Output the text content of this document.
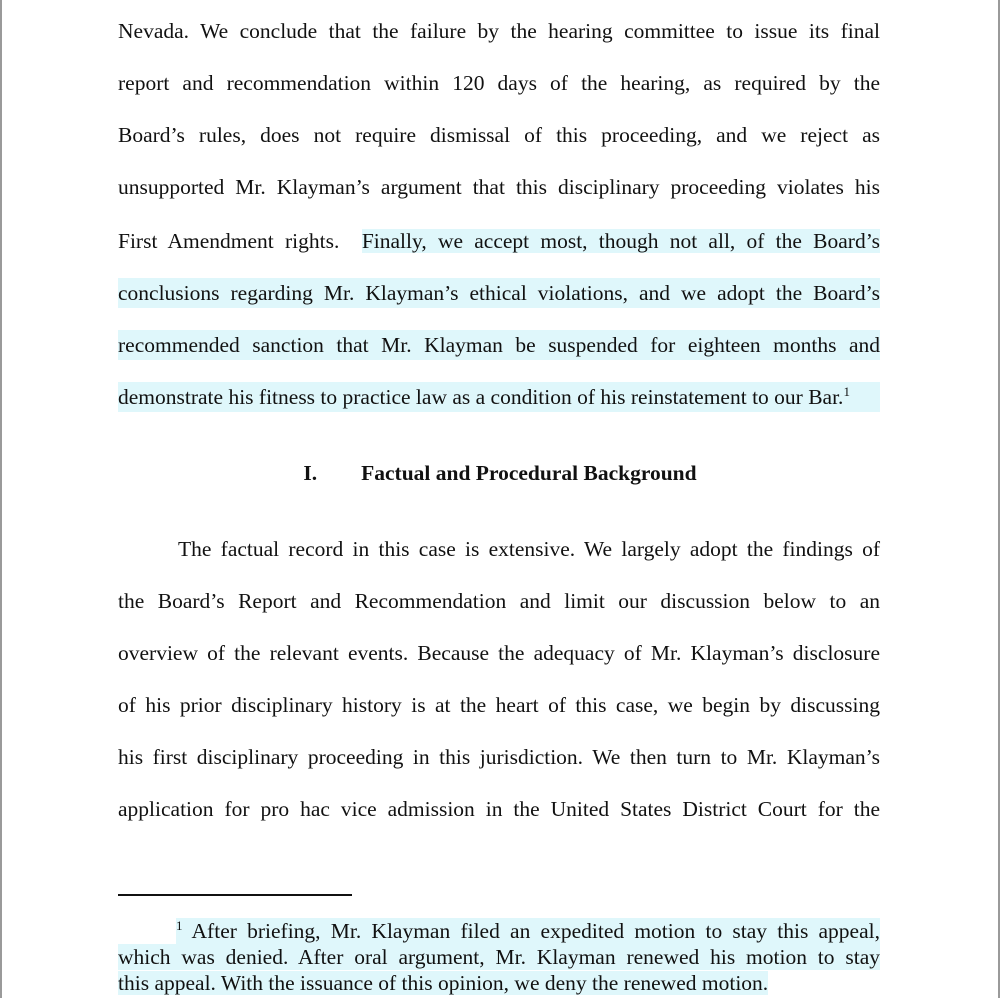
Nevada. We conclude that the failure by the hearing committee to issue its final
report and recommendation within 120 days of the hearing, as required by the
Board’s rules, does not require dismissal of this proceeding, and we reject as
unsupported Mr. Klayman’s argument that this disciplinary proceeding violates his
First Amendment rights. Finally, we accept most, though not all, of the Board’s
conclusions regarding Mr. Klayman’s ethical violations, and we adopt the Board’s
recommended sanction that Mr. Klayman be suspended for eighteen months and
demonstrate his fitness to practice law as a condition of his reinstatement to our Bar.$^1$
I. Factual and Procedural Background
The factual record in this case is extensive. We largely adopt the findings of
the Board’s Report and Recommendation and limit our discussion below to an
overview of the relevant events. Because the adequacy of Mr. Klayman’s disclosure
of his prior disciplinary history is at the heart of this case, we begin by discussing
his first disciplinary proceeding in this jurisdiction. We then turn to Mr. Klayman’s
application for pro hac vice admission in the United States District Court for the
$^1$ After briefing, Mr. Klayman filed an expedited motion to stay this appeal,
which was denied. After oral argument, Mr. Klayman renewed his motion to stay
this appeal. With the issuance of this opinion, we deny the renewed motion.
